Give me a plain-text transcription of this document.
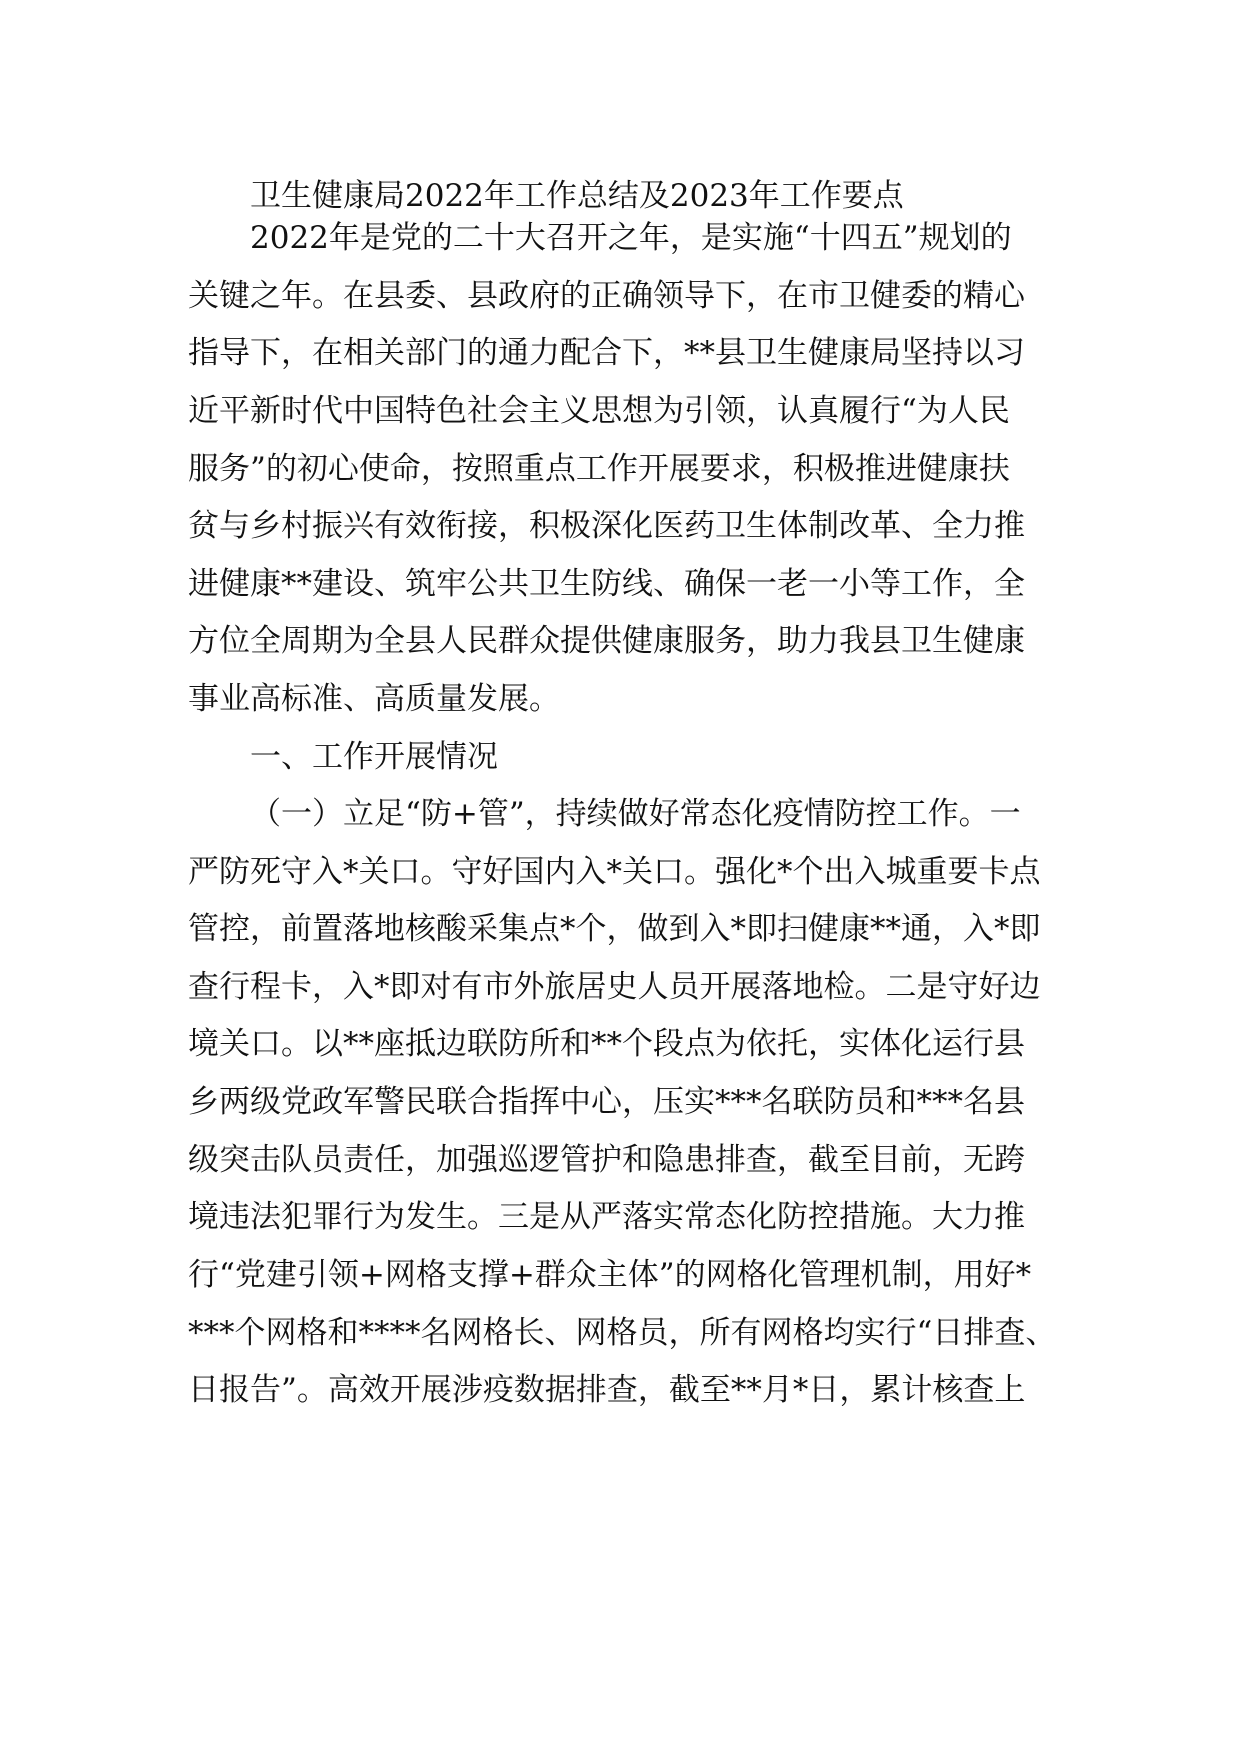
卫生健康局2022年工作总结及2023年工作要点
2022年是党的二十大召开之年，是实施“十四五”规划的
关键之年。在县委、县政府的正确领导下，在市卫健委的精心
指导下，在相关部门的通力配合下，**县卫生健康局坚持以习
近平新时代中国特色社会主义思想为引领，认真履行“为人民
服务”的初心使命，按照重点工作开展要求，积极推进健康扶
贫与乡村振兴有效衔接，积极深化医药卫生体制改革、全力推
进健康**建设、筑牢公共卫生防线、确保一老一小等工作，全
方位全周期为全县人民群众提供健康服务，助力我县卫生健康
事业高标准、高质量发展。
一、工作开展情况
（一）立足“防+管”，持续做好常态化疫情防控工作。一
严防死守入*关口。守好国内入*关口。强化*个出入城重要卡点
管控，前置落地核酸采集点*个，做到入*即扫健康**通，入*即
查行程卡，入*即对有市外旅居史人员开展落地检。二是守好边
境关口。以**座抵边联防所和**个段点为依托，实体化运行县
乡两级党政军警民联合指挥中心，压实***名联防员和***名县
级突击队员责任，加强巡逻管护和隐患排查，截至目前，无跨
境违法犯罪行为发生。三是从严落实常态化防控措施。大力推
行“党建引领+网格支撑+群众主体”的网格化管理机制，用好*
***个网格和****名网格长、网格员，所有网格均实行“日排查、
日报告”。高效开展涉疫数据排查，截至**月*日，累计核查上
